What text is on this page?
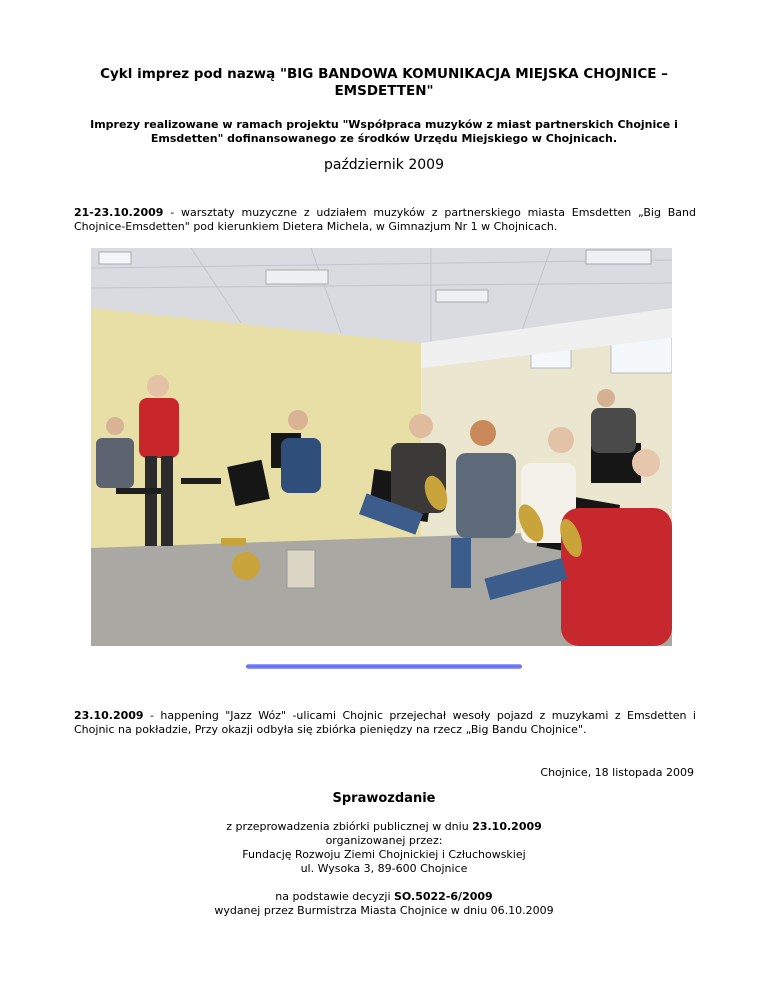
Cykl imprez pod nazwą "BIG BANDOWA KOMUNIKACJA MIEJSKA CHOJNICE –
EMSDETTEN"
Imprezy realizowane w ramach projektu "Współpraca muzyków z miast partnerskich Chojnice i
Emsdetten" dofinansowanego ze środków Urzędu Miejskiego w Chojnicach.
październik 2009
21-23.10.2009 - warsztaty muzyczne z udziałem muzyków z partnerskiego miasta Emsdetten „Big Band Chojnice-Emsdetten" pod kierunkiem Dietera Michela, w Gimnazjum Nr 1 w Chojnicach.
23.10.2009 - happening "Jazz Wóz" -ulicami Chojnic przejechał wesoły pojazd z muzykami z Emsdetten i Chojnic na pokładzie, Przy okazji odbyła się zbiórka pieniędzy na rzecz „Big Bandu Chojnice".
Chojnice, 18 listopada 2009
Sprawozdanie
z przeprowadzenia zbiórki publicznej w dniu 23.10.2009
organizowanej przez:
Fundację Rozwoju Ziemi Chojnickiej i Człuchowskiej
ul. Wysoka 3, 89-600 Chojnice
na podstawie decyzji SO.5022-6/2009
wydanej przez Burmistrza Miasta Chojnice w dniu 06.10.2009
